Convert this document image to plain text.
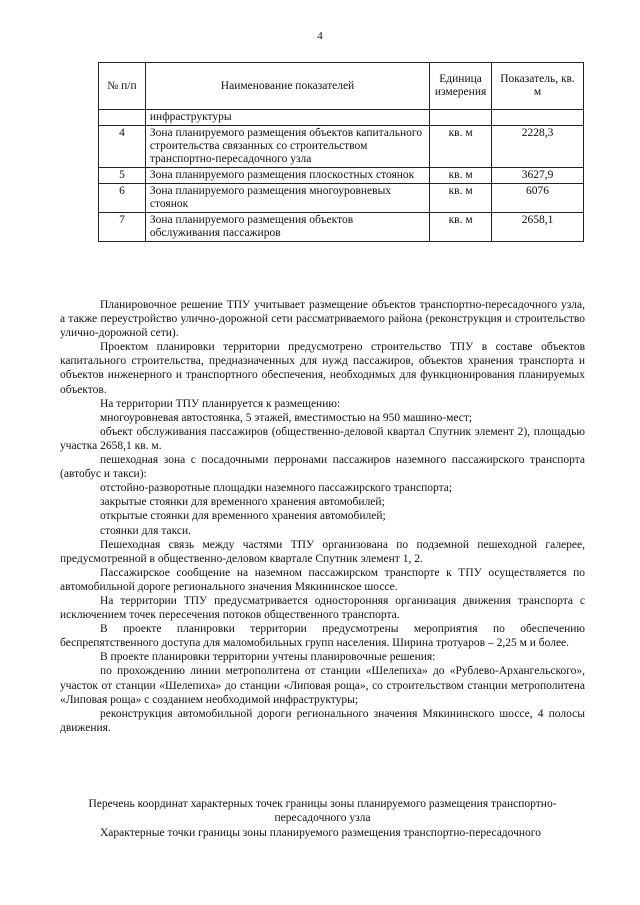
4
№ п/п	Наименование показателей	Единица измерения	Показатель, кв. м
	инфраструктуры		
4	Зона планируемого размещения объектов капитального строительства связанных со строительством транспортно-пересадочного узла	кв. м	2228,3
5	Зона планируемого размещения плоскостных стоянок	кв. м	3627,9
6	Зона планируемого размещения многоуровневых стоянок	кв. м	6076
7	Зона планируемого размещения объектов обслуживания пассажиров	кв. м	2658,1

Планировочное решение ТПУ учитывает размещение объектов транспортно-пересадочного узла, а также переустройство улично-дорожной сети рассматриваемого района (реконструкция и строительство улично-дорожной сети).

Проектом планировки территории предусмотрено строительство ТПУ в составе объектов капитального строительства, предназначенных для нужд пассажиров, объектов хранения транспорта и объектов инженерного и транспортного обеспечения, необходимых для функционирования планируемых объектов.

На территории ТПУ планируется к размещению:

многоуровневая автостоянка, 5 этажей, вместимостью на 950 машино-мест;

объект обслуживания пассажиров (общественно-деловой квартал Спутник элемент 2), площадью участка 2658,1 кв. м.

пешеходная зона с посадочными перронами пассажиров наземного пассажирского транспорта (автобус и такси):

отстойно-разворотные площадки наземного пассажирского транспорта;

закрытые стоянки для временного хранения автомобилей;

открытые стоянки для временного хранения автомобилей;

стоянки для такси.

Пешеходная связь между частями ТПУ организована по подземной пешеходной галерее, предусмотренной в общественно-деловом квартале Спутник элемент 1, 2.

Пассажирское сообщение на наземном пассажирском транспорте к ТПУ осуществляется по автомобильной дороге регионального значения Мякининское шоссе.

На территории ТПУ предусматривается односторонняя организация движения транспорта с исключением точек пересечения потоков общественного транспорта.

В проекте планировки территории предусмотрены мероприятия по обеспечению беспрепятственного доступа для маломобильных групп населения. Ширина тротуаров – 2,25 м и более.

В проекте планировки территории учтены планировочные решения:

по прохождению линии метрополитена от станции «Шелепиха» до «Рублево-Архангельского», участок от станции «Шелепиха» до станции «Липовая роща», со строительством станции метрополитена «Липовая роща» с созданием необходимой инфраструктуры;

реконструкция автомобильной дороги регионального значения Мякининского шоссе, 4 полосы движения.

Перечень координат характерных точек границы зоны планируемого размещения транспортно-пересадочного узла

Характерные точки границы зоны планируемого размещения транспортно-пересадочного
